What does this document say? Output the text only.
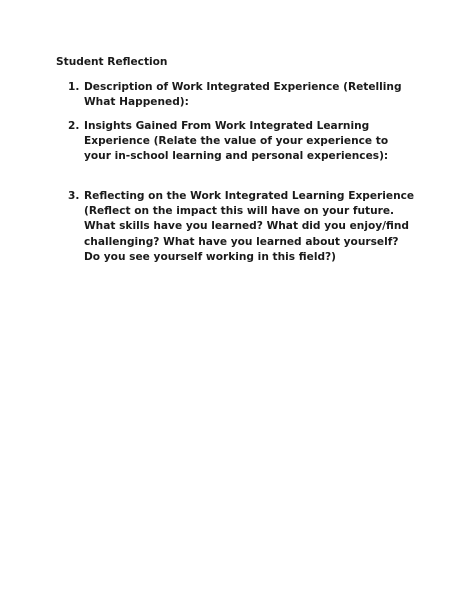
Student Reflection
1. Description of Work Integrated Experience (Retelling What Happened):
2. Insights Gained From Work Integrated Learning Experience (Relate the value of your experience to your in-school learning and personal experiences):
3. Reflecting on the Work Integrated Learning Experience (Reflect on the impact this will have on your future. What skills have you learned? What did you enjoy/find challenging? What have you learned about yourself? Do you see yourself working in this field?)
